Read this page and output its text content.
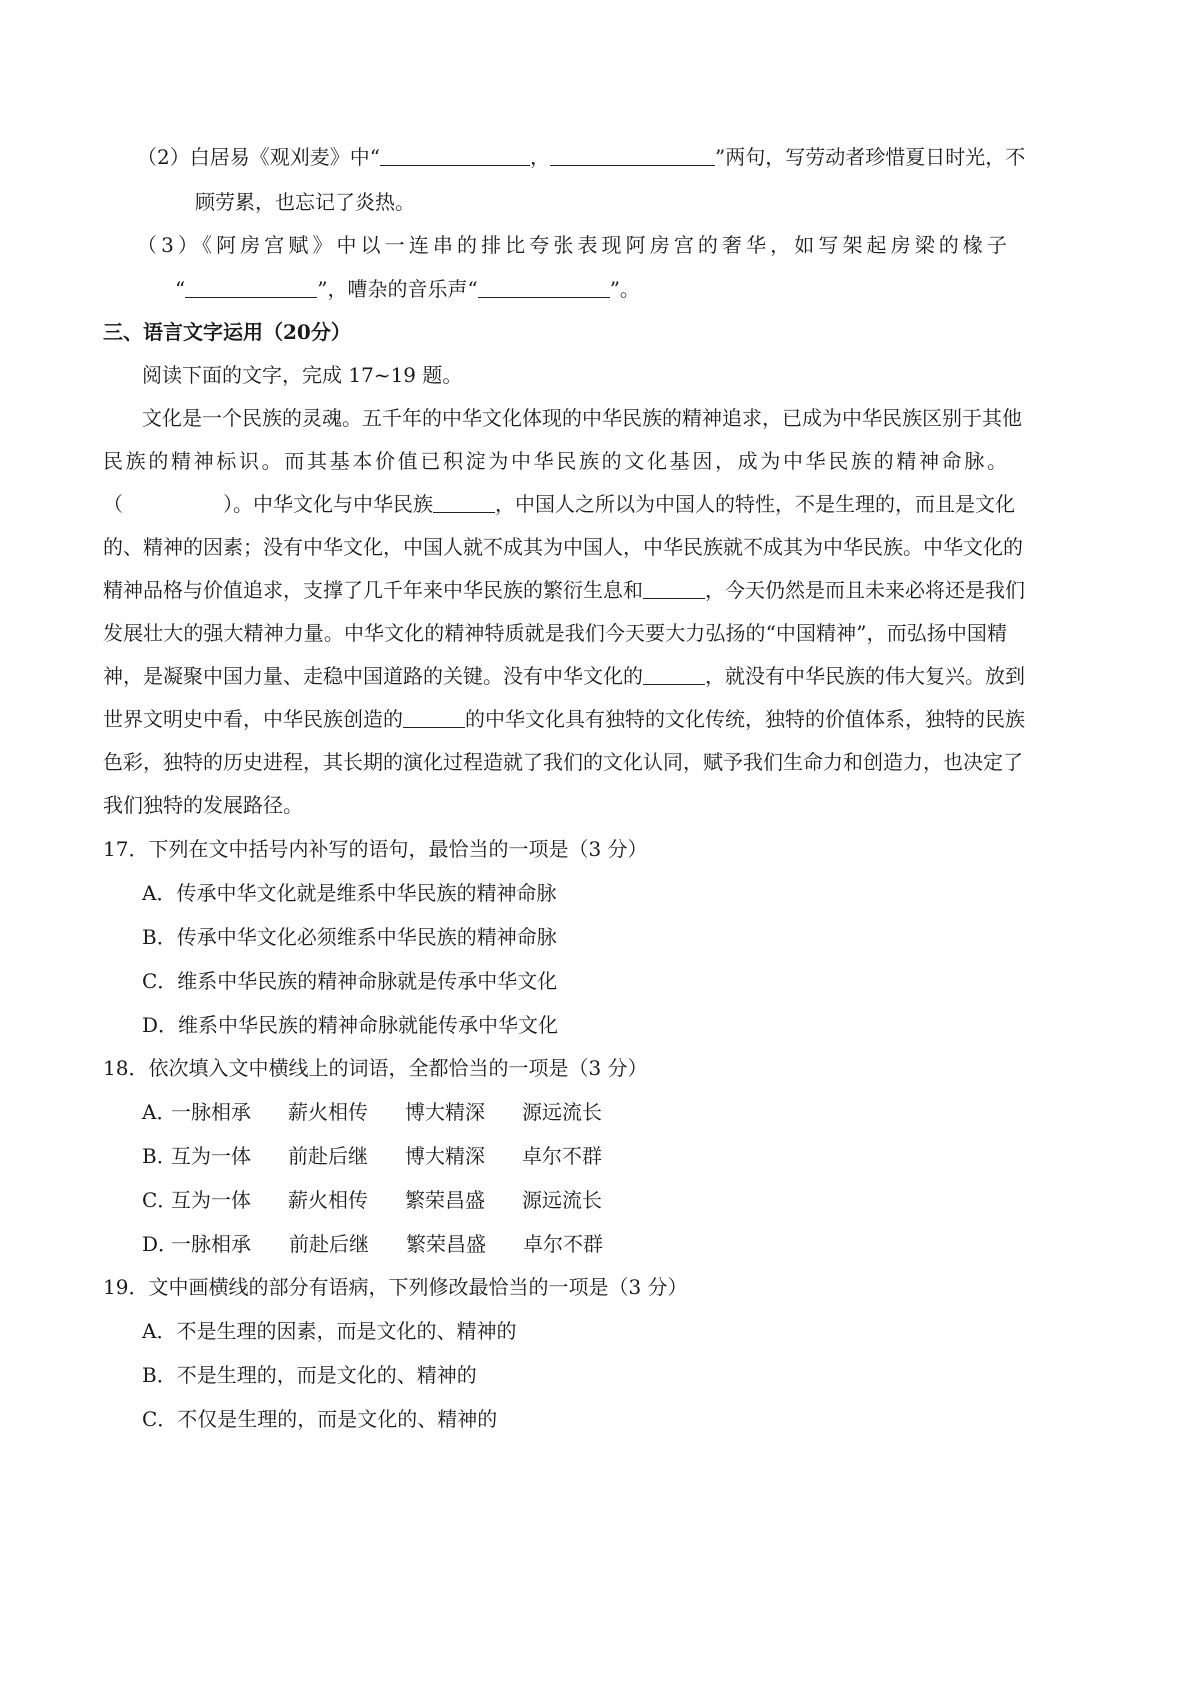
（2）白居易《观刈麦》中“	，	”两句，写劳动者珍惜夏日时光，不
顾劳累，也忘记了炎热。
（3）《阿房宫赋》中以一连串的排比夸张表现阿房宫的奢华，如写架起房梁的椽子
“	”，嘈杂的音乐声“	”。
三、语言文字运用（20分）
阅读下面的文字，完成 17~19 题。
文化是一个民族的灵魂。五千年的中华文化体现的中华民族的精神追求，已成为中华民族区别于其他
民族的精神标识。而其基本价值已积淀为中华民族的文化基因，成为中华民族的精神命脉。
（	）。中华文化与中华民族	，中国人之所以为中国人的特性，不是生理的，而且是文化
的、精神的因素；没有中华文化，中国人就不成其为中国人，中华民族就不成其为中华民族。中华文化的
精神品格与价值追求，支撑了几千年来中华民族的繁衍生息和	，今天仍然是而且未来必将还是我们
发展壮大的强大精神力量。中华文化的精神特质就是我们今天要大力弘扬的“中国精神”，而弘扬中国精
神，是凝聚中国力量、走稳中国道路的关键。没有中华文化的	，就没有中华民族的伟大复兴。放到
世界文明史中看，中华民族创造的	的中华文化具有独特的文化传统，独特的价值体系，独特的民族
色彩，独特的历史进程，其长期的演化过程造就了我们的文化认同，赋予我们生命力和创造力，也决定了
我们独特的发展路径。
17．下列在文中括号内补写的语句，最恰当的一项是（3 分）
A．传承中华文化就是维系中华民族的精神命脉
B．传承中华文化必须维系中华民族的精神命脉
C．维系中华民族的精神命脉就是传承中华文化
D．维系中华民族的精神命脉就能传承中华文化
18．依次填入文中横线上的词语，全都恰当的一项是（3 分）
A．
一脉相承 薪火相传 博大精深 源远流长
B．
互为一体 前赴后继 博大精深 卓尔不群
C．
互为一体 薪火相传 繁荣昌盛 源远流长
D．
一脉相承 前赴后继 繁荣昌盛 卓尔不群
19．文中画横线的部分有语病，下列修改最恰当的一项是（3 分）
A．不是生理的因素，而是文化的、精神的
B．不是生理的，而是文化的、精神的
C．不仅是生理的，而是文化的、精神的
